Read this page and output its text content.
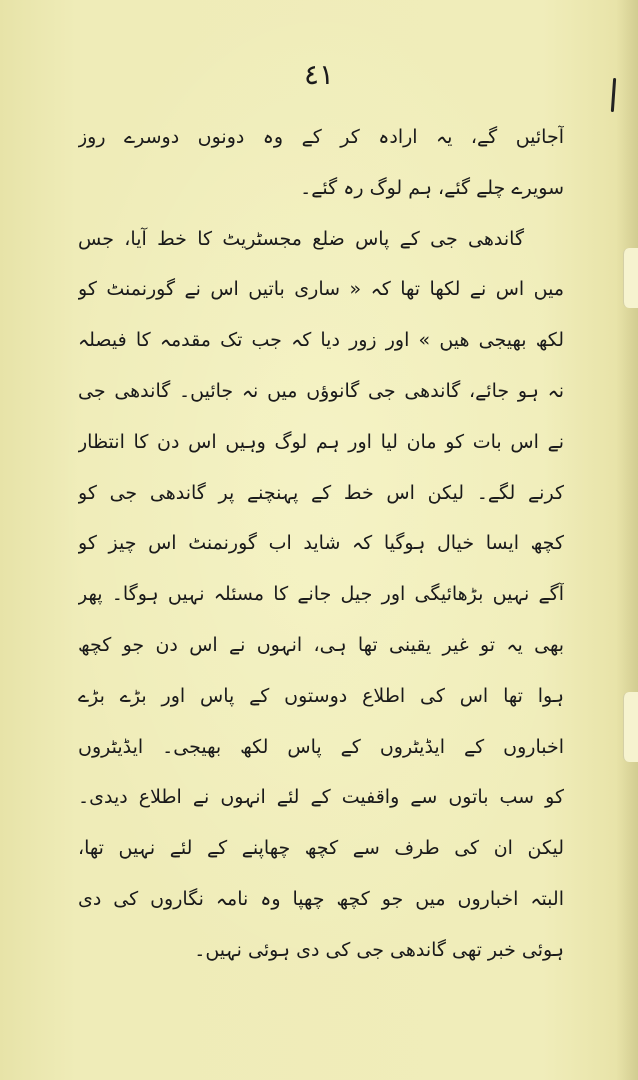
٤١
آجائیں گے، یہ ارادہ کر کے وہ دونوں دوسرے روز
سویرے چلے گئے، ہم لوگ رہ گئے۔
گاندھی جی کے پاس ضلع مجسٹریٹ کا خط آیا، جس
میں اس نے لکھا تھا کہ « ساری باتیں اس نے گورنمنٹ کو
لکھ بھیجی ھیں » اور زور دیا کہ جب تک مقدمہ کا فیصلہ
نہ ہو جائے، گاندھی جی گانوؤں میں نہ جائیں۔ گاندھی جی
نے اس بات کو مان لیا اور ہم لوگ وہیں اس دن کا انتظار
کرنے لگے۔ لیکن اس خط کے پہنچنے پر گاندھی جی کو
کچھ ایسا خیال ہوگیا کہ شاید اب گورنمنٹ اس چیز کو
آگے نہیں بڑھائیگی اور جیل جانے کا مسئلہ نہیں ہوگا۔ پھر
بھی یہ تو غیر یقینی تھا ہی، انہوں نے اس دن جو کچھ
ہوا تھا اس کی اطلاع دوستوں کے پاس اور بڑے بڑے
اخباروں کے ایڈیٹروں کے پاس لکھ بھیجی۔ ایڈیٹروں
کو سب باتوں سے واقفیت کے لئے انہوں نے اطلاع دیدی۔
لیکن ان کی طرف سے کچھ چھاپنے کے لئے نہیں تھا،
البتہ اخباروں میں جو کچھ چھپا وہ نامہ نگاروں کی دی
ہوئی خبر تھی گاندھی جی کی دی ہوئی نہیں۔
